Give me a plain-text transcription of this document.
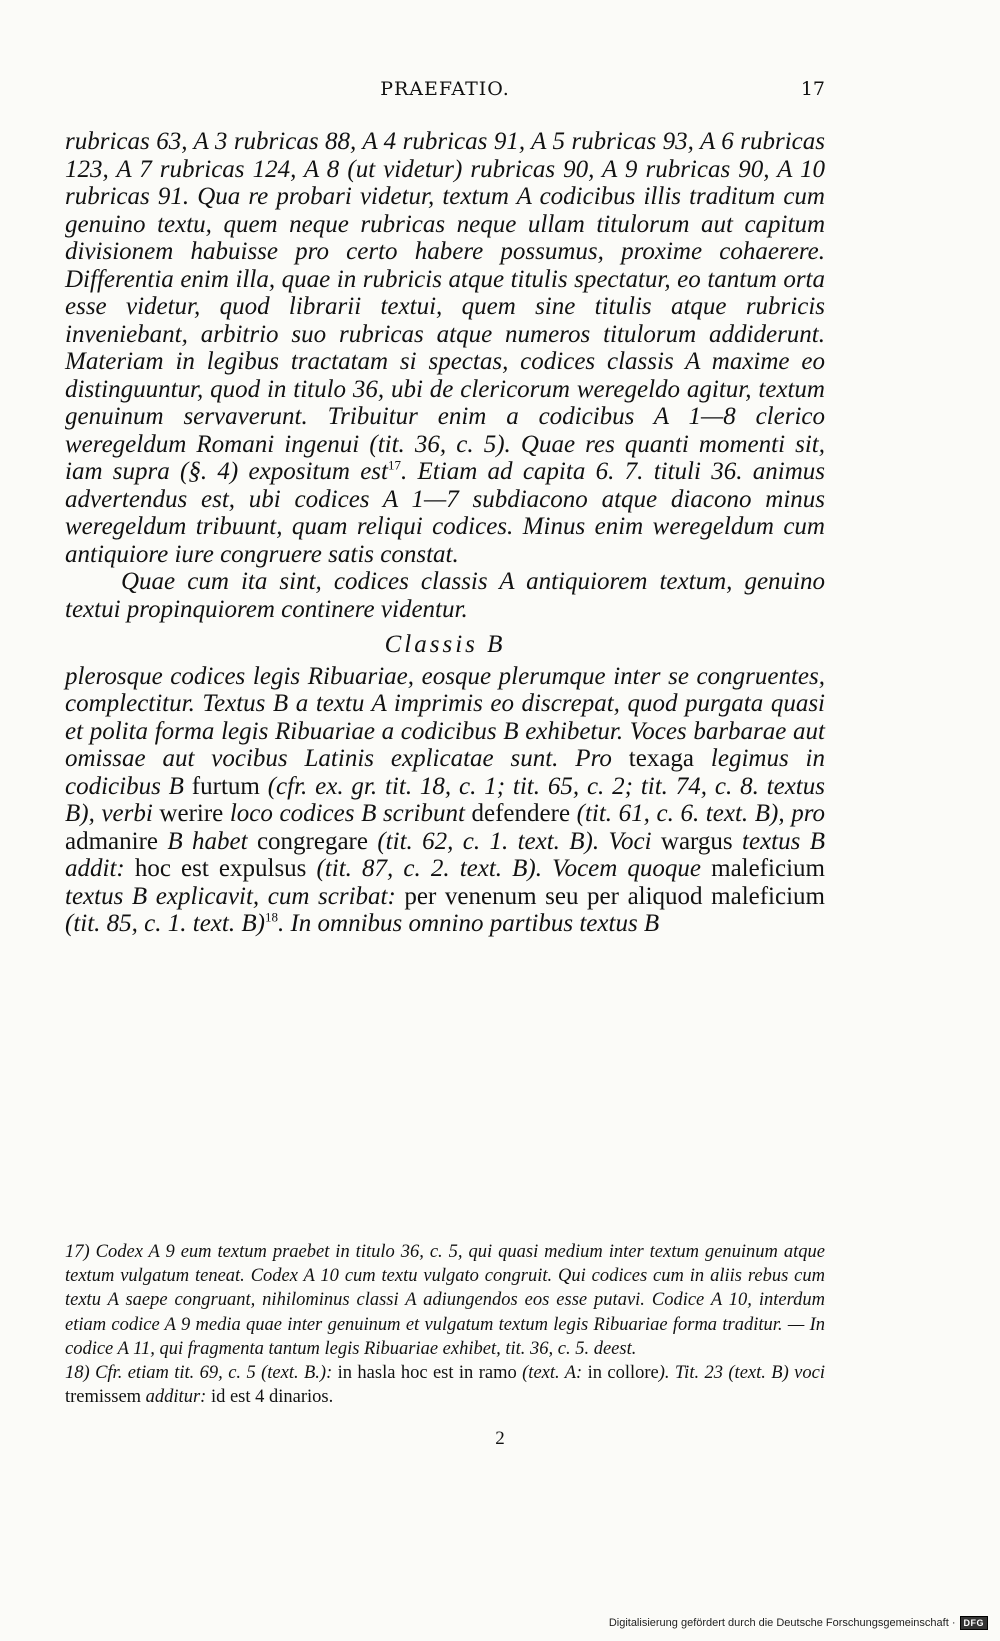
PRAEFATIO.	17

rubricas 63, A 3 rubricas 88, A 4 rubricas 91, A 5 rubricas 93, A 6 rubricas 123, A 7 rubricas 124, A 8 (ut videtur) rubricas 90, A 9 rubricas 90, A 10 rubricas 91. Qua re probari videtur, textum A codicibus illis traditum cum genuino textu, quem neque rubricas neque ullam titulorum aut capitum divisionem habuisse pro certo habere possumus, proxime cohaerere. Differentia enim illa, quae in rubricis atque titulis spectatur, eo tantum orta esse videtur, quod librarii textui, quem sine titulis atque rubricis inveniebant, arbitrio suo rubricas atque numeros titulorum addiderunt. Materiam in legibus tractatam si spectas, codices classis A maxime eo distinguuntur, quod in titulo 36, ubi de clericorum weregeldo agitur, textum genuinum servaverunt. Tribuitur enim a codicibus A 1—8 clerico weregeldum Romani ingenui (tit. 36, c. 5). Quae res quanti momenti sit, iam supra (§. 4) expositum est$^{17}$. Etiam ad capita 6. 7. tituli 36. animus advertendus est, ubi codices A 1—7 subdiacono atque diacono minus weregeldum tribuunt, quam reliqui codices. Minus enim weregeldum cum antiquiore iure congruere satis constat.

Quae cum ita sint, codices classis A antiquiorem textum, genuino textui propinquiorem continere videntur.

Classis B

plerosque codices legis Ribuariae, eosque plerumque inter se congruentes, complectitur. Textus B a textu A imprimis eo discrepat, quod purgata quasi et polita forma legis Ribuariae a codicibus B exhibetur. Voces barbarae aut omissae aut vocibus Latinis explicatae sunt. Pro texaga legimus in codicibus B furtum (cfr. ex. gr. tit. 18, c. 1; tit. 65, c. 2; tit. 74, c. 8. textus B), verbi werire loco codices B scribunt defendere (tit. 61, c. 6. text. B), pro admanire B habet congregare (tit. 62, c. 1. text. B). Voci wargus textus B addit: hoc est expulsus (tit. 87, c. 2. text. B). Vocem quoque maleficium textus B explicavit, cum scribat: per venenum seu per aliquod maleficium (tit. 85, c. 1. text. B)$^{18}$. In omnibus omnino partibus textus B

17) Codex A 9 eum textum praebet in titulo 36, c. 5, qui quasi medium inter textum genuinum atque textum vulgatum teneat. Codex A 10 cum textu vulgato congruit. Qui codices cum in aliis rebus cum textu A saepe congruant, nihilominus classi A adiungendos eos esse putavi. Codice A 10, interdum etiam codice A 9 media quae inter genuinum et vulgatum textum legis Ribuariae forma traditur. — In codice A 11, qui fragmenta tantum legis Ribuariae exhibet, tit. 36, c. 5. deest.

18) Cfr. etiam tit. 69, c. 5 (text. B.): in hasla hoc est in ramo (text. A: in collore). Tit. 23 (text. B) voci tremissem additur: id est 4 dinarios.

2
Digitalisierung gefördert durch die Deutsche Forschungsgemeinschaft · DFG
